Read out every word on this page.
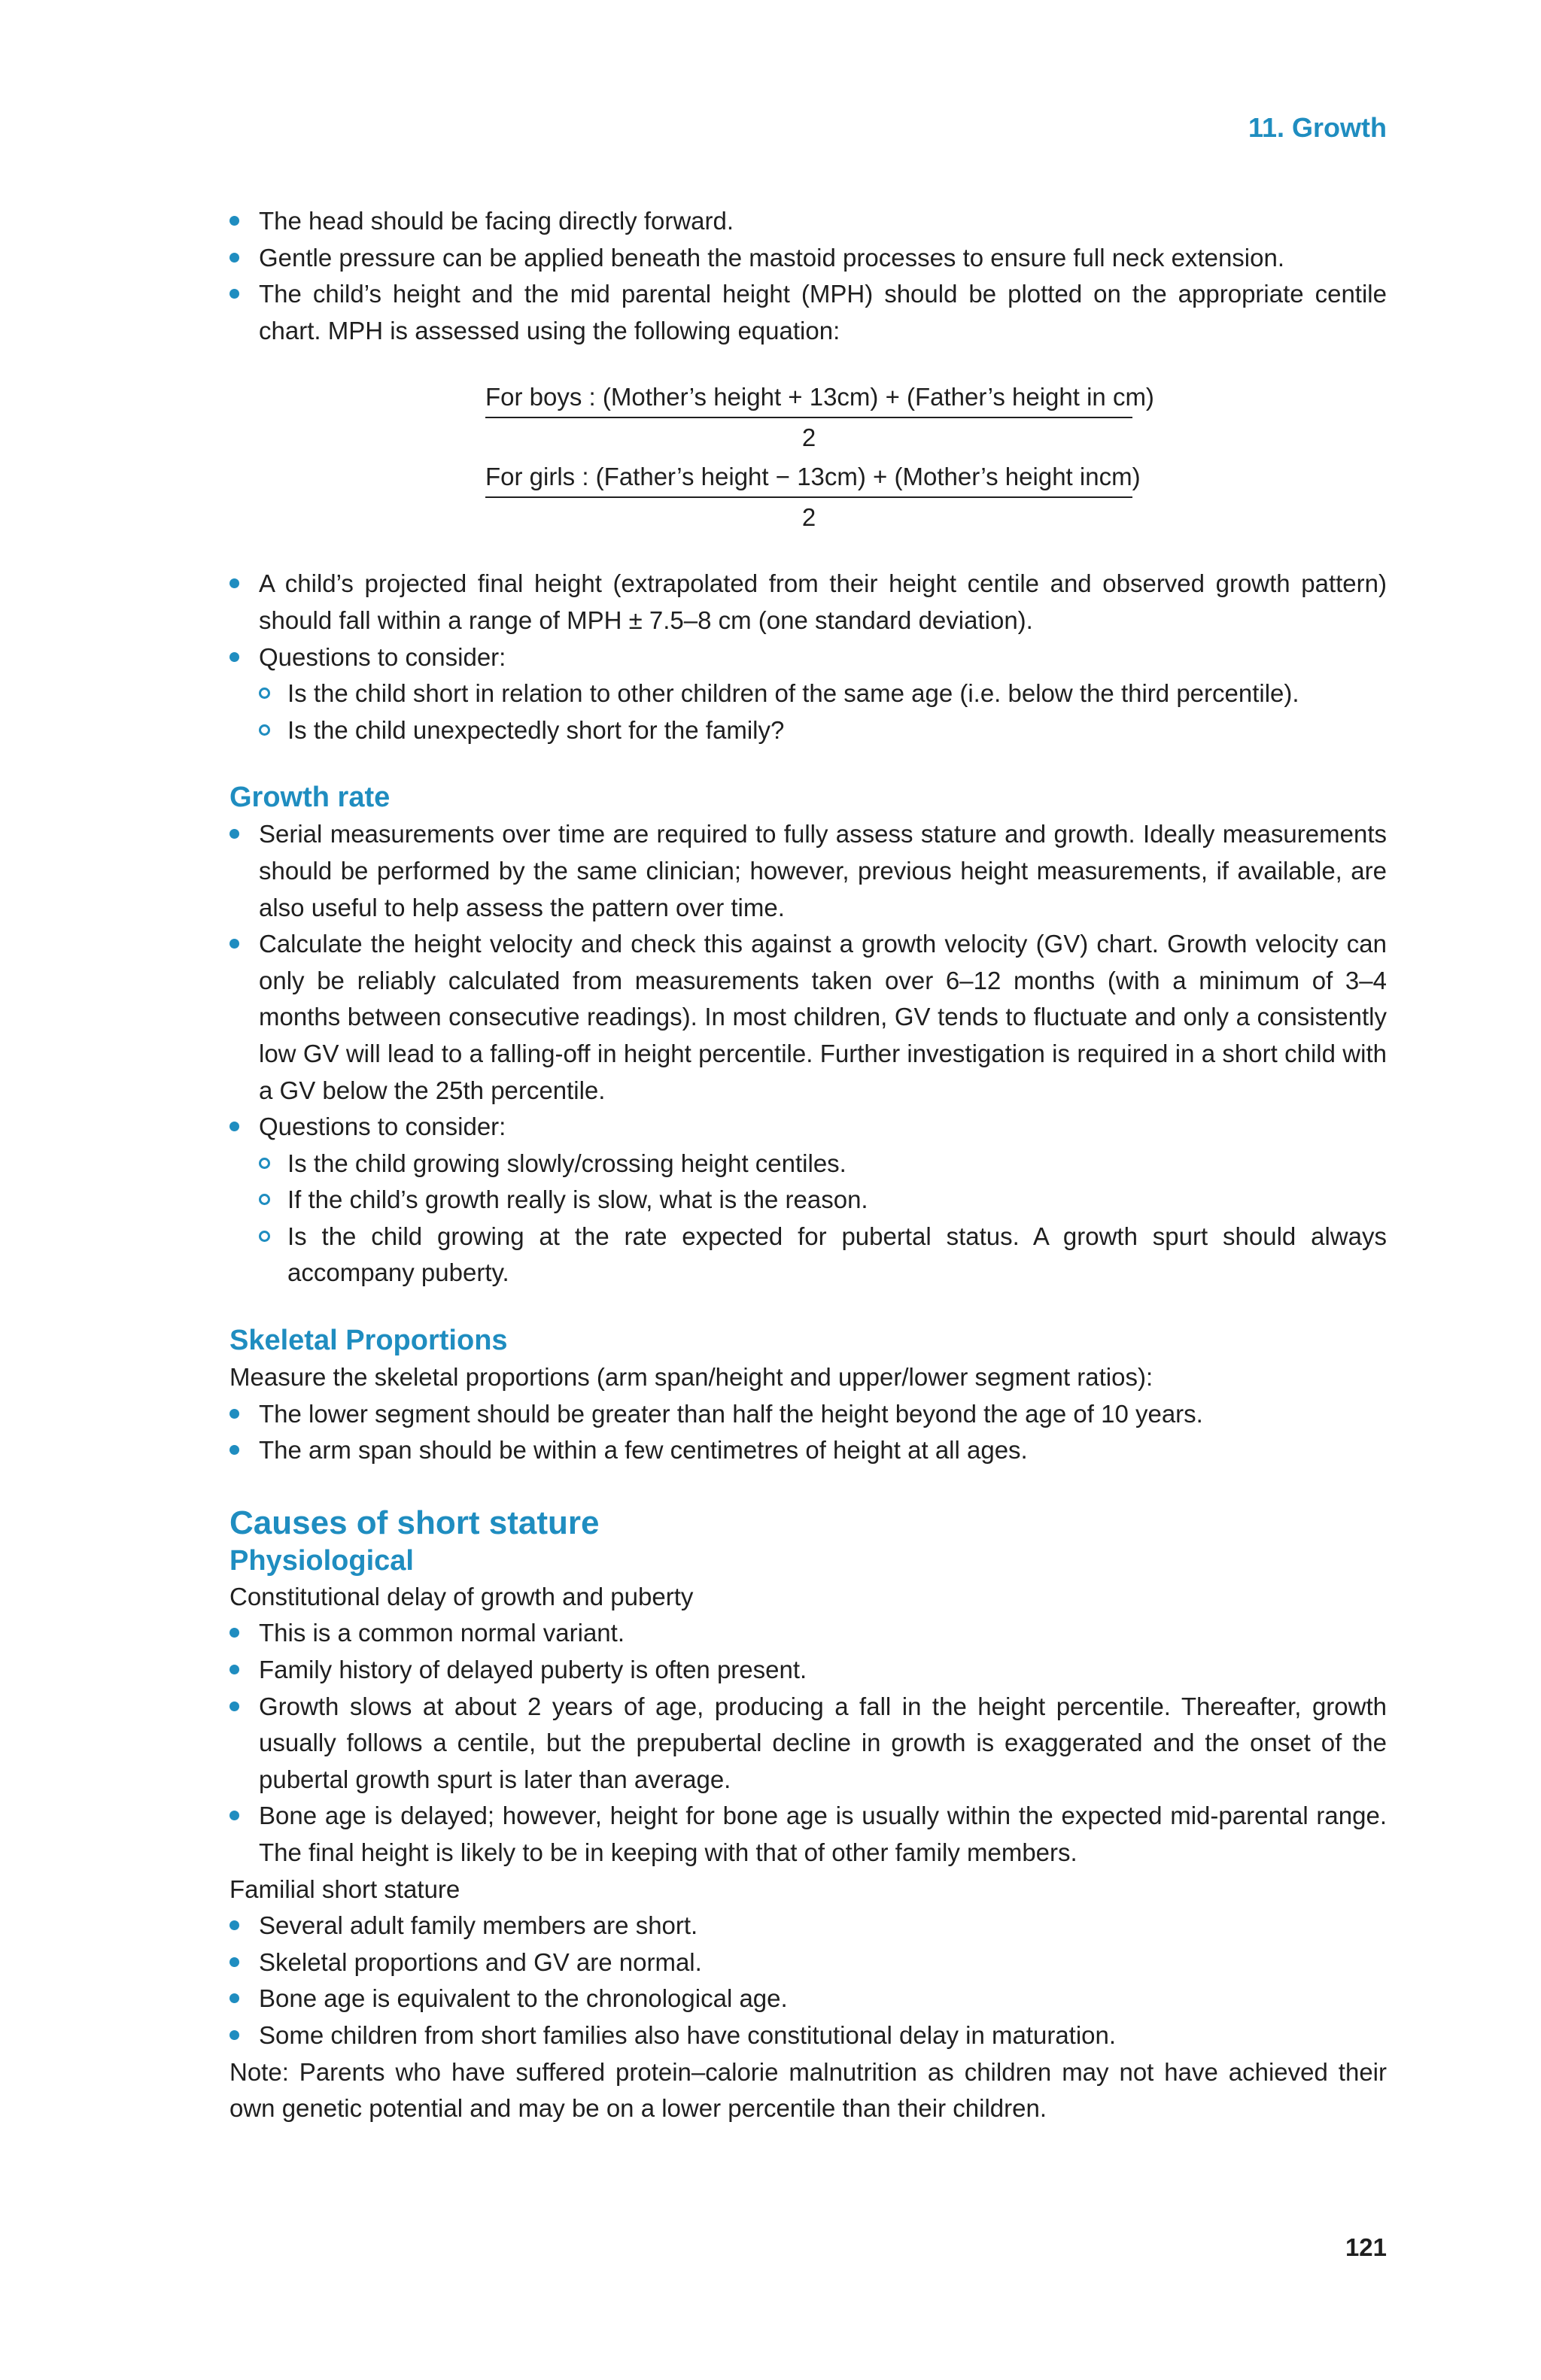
11. Growth
The head should be facing directly forward.
Gentle pressure can be applied beneath the mastoid processes to ensure full neck extension.
The child’s height and the mid parental height (MPH) should be plotted on the appropriate centile chart. MPH is assessed using the following equation:
For boys : (Mother’s height + 13cm) + (Father’s height in cm)
2
For girls : (Father’s height − 13cm) + (Mother’s height incm)
2
A child’s projected final height (extrapolated from their height centile and observed growth pattern) should fall within a range of MPH ± 7.5–8 cm (one standard deviation).
Questions to consider:
Is the child short in relation to other children of the same age (i.e. below the third percentile).
Is the child unexpectedly short for the family?
Growth rate
Serial measurements over time are required to fully assess stature and growth. Ideally measurements should be performed by the same clinician; however, previous height measurements, if available, are also useful to help assess the pattern over time.
Calculate the height velocity and check this against a growth velocity (GV) chart. Growth velocity can only be reliably calculated from measurements taken over 6–12 months (with a minimum of 3–4 months between consecutive readings). In most children, GV tends to fluctuate and only a consistently low GV will lead to a falling-off in height percentile. Further investigation is required in a short child with a GV below the 25th percentile.
Questions to consider:
Is the child growing slowly/crossing height centiles.
If the child’s growth really is slow, what is the reason.
Is the child growing at the rate expected for pubertal status. A growth spurt should always accompany puberty.
Skeletal Proportions

Measure the skeletal proportions (arm span/height and upper/lower segment ratios):

The lower segment should be greater than half the height beyond the age of 10 years.
The arm span should be within a few centimetres of height at all ages.
Causes of short stature
Physiological

Constitutional delay of growth and puberty

This is a common normal variant.
Family history of delayed puberty is often present.
Growth slows at about 2 years of age, producing a fall in the height percentile. Thereafter, growth usually follows a centile, but the prepubertal decline in growth is exaggerated and the onset of the pubertal growth spurt is later than average.
Bone age is delayed; however, height for bone age is usually within the expected mid-parental range. The final height is likely to be in keeping with that of other family members.

Familial short stature

Several adult family members are short.
Skeletal proportions and GV are normal.
Bone age is equivalent to the chronological age.
Some children from short families also have constitutional delay in maturation.

Note: Parents who have suffered protein–calorie malnutrition as children may not have achieved their own genetic potential and may be on a lower percentile than their children.

121
